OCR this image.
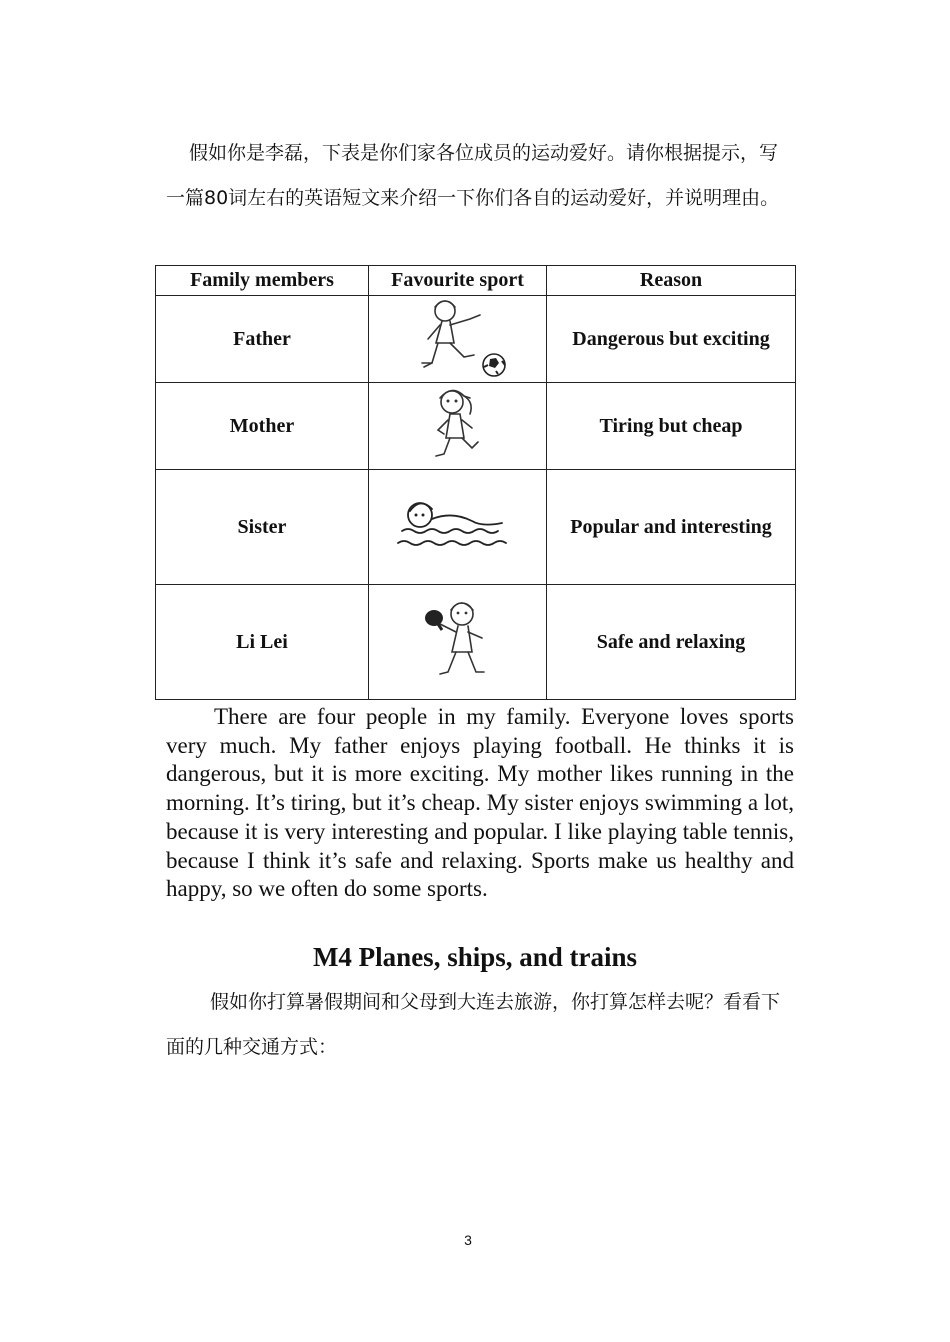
假如你是李磊，下表是你们家各位成员的运动爱好。请你根据提示，写一篇80词左右的英语短文来介绍一下你们各自的运动爱好，并说明理由。

Family members	Favourite sport	Reason
Father		Dangerous but exciting
Mother		Tiring but cheap
Sister		Popular and interesting
Li Lei		Safe and relaxing

There are four people in my family. Everyone loves sports very much. My father enjoys playing football. He thinks it is dangerous, but it is more exciting. My mother likes running in the morning. It’s tiring, but it’s cheap. My sister enjoys swimming a lot, because it is very interesting and popular. I like playing table tennis, because I think it’s safe and relaxing. Sports make us healthy and happy, so we often do some sports.

M4 Planes, ships, and trains

假如你打算暑假期间和父母到大连去旅游，你打算怎样去呢？看看下面的几种交通方式：

3
